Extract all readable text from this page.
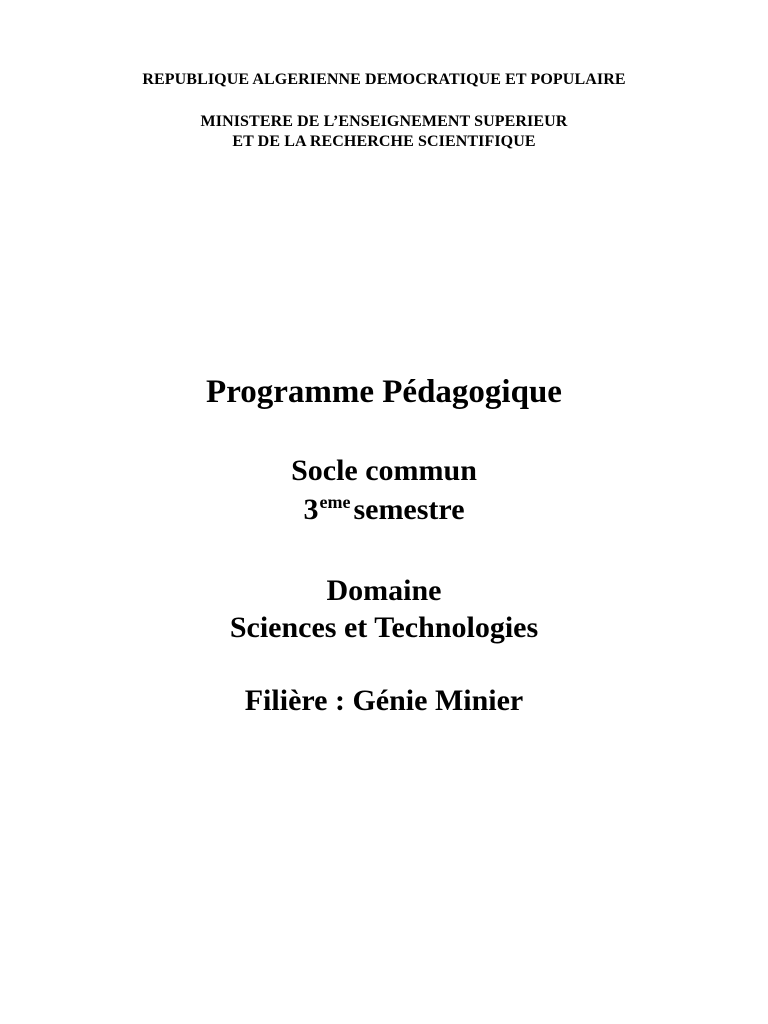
REPUBLIQUE ALGERIENNE DEMOCRATIQUE ET POPULAIRE
MINISTERE DE L’ENSEIGNEMENT SUPERIEUR
ET DE LA RECHERCHE SCIENTIFIQUE
Programme Pédagogique
Socle commun
3eme semestre
Domaine
Sciences et Technologies
Filière : Génie Minier
